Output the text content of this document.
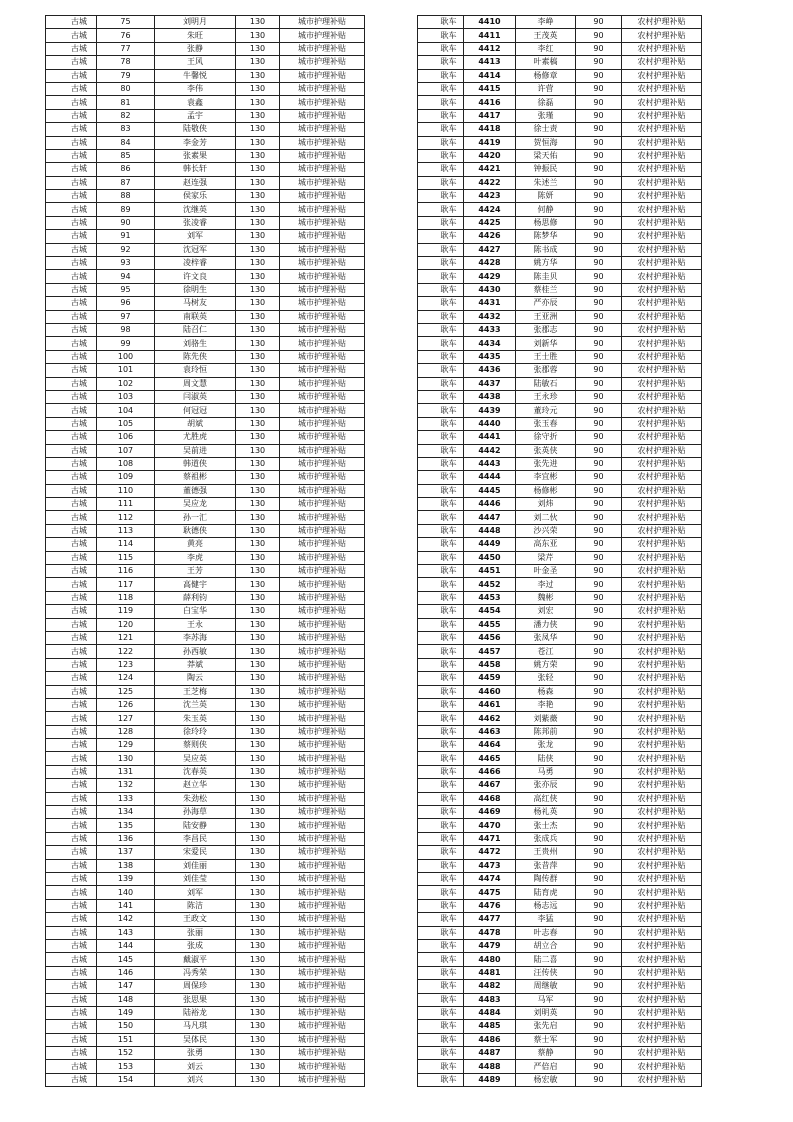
古城	75	刘明月	130	城市护理补贴
古城	76	朱旺	130	城市护理补贴
古城	77	张静	130	城市护理补贴
古城	78	王风	130	城市护理补贴
古城	79	牛馨悦	130	城市护理补贴
古城	80	李伟	130	城市护理补贴
古城	81	袁鑫	130	城市护理补贴
古城	82	孟宇	130	城市护理补贴
古城	83	陆敬侠	130	城市护理补贴
古城	84	李金芳	130	城市护理补贴
古城	85	张素果	130	城市护理补贴
古城	86	韩长轩	130	城市护理补贴
古城	87	赵连强	130	城市护理补贴
古城	88	侯家乐	130	城市护理补贴
古城	89	沈继英	130	城市护理补贴
古城	90	张凌睿	130	城市护理补贴
古城	91	刘军	130	城市护理补贴
古城	92	沈冠军	130	城市护理补贴
古城	93	凌梓睿	130	城市护理补贴
古城	94	许文良	130	城市护理补贴
古城	95	徐明生	130	城市护理补贴
古城	96	马树友	130	城市护理补贴
古城	97	南联英	130	城市护理补贴
古城	98	陆召仁	130	城市护理补贴
古城	99	刘骆生	130	城市护理补贴
古城	100	陈先侠	130	城市护理补贴
古城	101	袁玲恒	130	城市护理补贴
古城	102	周文慧	130	城市护理补贴
古城	103	闫淑英	130	城市护理补贴
古城	104	何冠冠	130	城市护理补贴
古城	105	胡斌	130	城市护理补贴
古城	106	尤胜虎	130	城市护理补贴
古城	107	吴前进	130	城市护理补贴
古城	108	韩道侠	130	城市护理补贴
古城	109	蔡祖彬	130	城市护理补贴
古城	110	董德强	130	城市护理补贴
古城	111	吴应龙	130	城市护理补贴
古城	112	孙一汇	130	城市护理补贴
古城	113	耿德侠	130	城市护理补贴
古城	114	黄亮	130	城市护理补贴
古城	115	李虎	130	城市护理补贴
古城	116	王芳	130	城市护理补贴
古城	117	高健宇	130	城市护理补贴
古城	118	薛利钧	130	城市护理补贴
古城	119	白宝华	130	城市护理补贴
古城	120	王永	130	城市护理补贴
古城	121	李苏海	130	城市护理补贴
古城	122	孙西敏	130	城市护理补贴
古城	123	莽斌	130	城市护理补贴
古城	124	陶云	130	城市护理补贴
古城	125	王芝梅	130	城市护理补贴
古城	126	沈兰英	130	城市护理补贴
古城	127	朱玉英	130	城市护理补贴
古城	128	徐玲玲	130	城市护理补贴
古城	129	蔡则侠	130	城市护理补贴
古城	130	吴应英	130	城市护理补贴
古城	131	沈春英	130	城市护理补贴
古城	132	赵立华	130	城市护理补贴
古城	133	朱劲松	130	城市护理补贴
古城	134	孙海草	130	城市护理补贴
古城	135	陆安静	130	城市护理补贴
古城	136	李昌民	130	城市护理补贴
古城	137	宋爱民	130	城市护理补贴
古城	138	刘佳丽	130	城市护理补贴
古城	139	刘佳莹	130	城市护理补贴
古城	140	刘军	130	城市护理补贴
古城	141	陈洁	130	城市护理补贴
古城	142	王政文	130	城市护理补贴
古城	143	张丽	130	城市护理补贴
古城	144	张成	130	城市护理补贴
古城	145	戴淑平	130	城市护理补贴
古城	146	冯秀荣	130	城市护理补贴
古城	147	周保珍	130	城市护理补贴
古城	148	张思果	130	城市护理补贴
古城	149	陆裕龙	130	城市护理补贴
古城	150	马凡琪	130	城市护理补贴
古城	151	吴体民	130	城市护理补贴
古城	152	张勇	130	城市护理补贴
古城	153	刘云	130	城市护理补贴
古城	154	刘兴	130	城市护理补贴
耿车	4410	李峥	90	农村护理补贴
耿车	4411	王茂英	90	农村护理补贴
耿车	4412	李红	90	农村护理补贴
耿车	4413	叶素稿	90	农村护理补贴
耿车	4414	杨修章	90	农村护理补贴
耿车	4415	许营	90	农村护理补贴
耿车	4416	徐磊	90	农村护理补贴
耿车	4417	张瑾	90	农村护理补贴
耿车	4418	徐士责	90	农村护理补贴
耿车	4419	贺恒海	90	农村护理补贴
耿车	4420	梁天佑	90	农村护理补贴
耿车	4421	钟振民	90	农村护理补贴
耿车	4422	朱述兰	90	农村护理补贴
耿车	4423	陈妍	90	农村护理补贴
耿车	4424	何静	90	农村护理补贴
耿车	4425	杨思修	90	农村护理补贴
耿车	4426	陈梦华	90	农村护理补贴
耿车	4427	陈书成	90	农村护理补贴
耿车	4428	姚方华	90	农村护理补贴
耿车	4429	陈圭贝	90	农村护理补贴
耿车	4430	蔡桂兰	90	农村护理补贴
耿车	4431	严亦辰	90	农村护理补贴
耿车	4432	王亚洲	90	农村护理补贴
耿车	4433	张郡志	90	农村护理补贴
耿车	4434	刘新华	90	农村护理补贴
耿车	4435	王士胜	90	农村护理补贴
耿车	4436	张郡蓉	90	农村护理补贴
耿车	4437	陆敏石	90	农村护理补贴
耿车	4438	王永珍	90	农村护理补贴
耿车	4439	董玲元	90	农村护理补贴
耿车	4440	张玉春	90	农村护理补贴
耿车	4441	徐守折	90	农村护理补贴
耿车	4442	张英侠	90	农村护理补贴
耿车	4443	张先进	90	农村护理补贴
耿车	4444	李宜彬	90	农村护理补贴
耿车	4445	杨修彬	90	农村护理补贴
耿车	4446	刘炜	90	农村护理补贴
耿车	4447	刘二伙	90	农村护理补贴
耿车	4448	沙兴荣	90	农村护理补贴
耿车	4449	高东亚	90	农村护理补贴
耿车	4450	梁芹	90	农村护理补贴
耿车	4451	叶金圣	90	农村护理补贴
耿车	4452	李过	90	农村护理补贴
耿车	4453	魏彬	90	农村护理补贴
耿车	4454	刘宏	90	农村护理补贴
耿车	4455	潘力侠	90	农村护理补贴
耿车	4456	张凤华	90	农村护理补贴
耿车	4457	苍江	90	农村护理补贴
耿车	4458	姚方荣	90	农村护理补贴
耿车	4459	张轻	90	农村护理补贴
耿车	4460	杨森	90	农村护理补贴
耿车	4461	李艳	90	农村护理补贴
耿车	4462	刘紫薇	90	农村护理补贴
耿车	4463	陈邦前	90	农村护理补贴
耿车	4464	张龙	90	农村护理补贴
耿车	4465	陆侠	90	农村护理补贴
耿车	4466	马勇	90	农村护理补贴
耿车	4467	张亦辰	90	农村护理补贴
耿车	4468	高红侠	90	农村护理补贴
耿车	4469	杨礼英	90	农村护理补贴
耿车	4470	张士杰	90	农村护理补贴
耿车	4471	张成兵	90	农村护理补贴
耿车	4472	王贵州	90	农村护理补贴
耿车	4473	张昔萍	90	农村护理补贴
耿车	4474	陶传群	90	农村护理补贴
耿车	4475	陆育虎	90	农村护理补贴
耿车	4476	杨志远	90	农村护理补贴
耿车	4477	李猛	90	农村护理补贴
耿车	4478	叶志春	90	农村护理补贴
耿车	4479	胡立合	90	农村护理补贴
耿车	4480	陆二喜	90	农村护理补贴
耿车	4481	汪传侠	90	农村护理补贴
耿车	4482	周继敏	90	农村护理补贴
耿车	4483	马军	90	农村护理补贴
耿车	4484	刘明英	90	农村护理补贴
耿车	4485	张先启	90	农村护理补贴
耿车	4486	蔡士军	90	农村护理补贴
耿车	4487	蔡静	90	农村护理补贴
耿车	4488	严倍启	90	农村护理补贴
耿车	4489	杨宏敏	90	农村护理补贴
